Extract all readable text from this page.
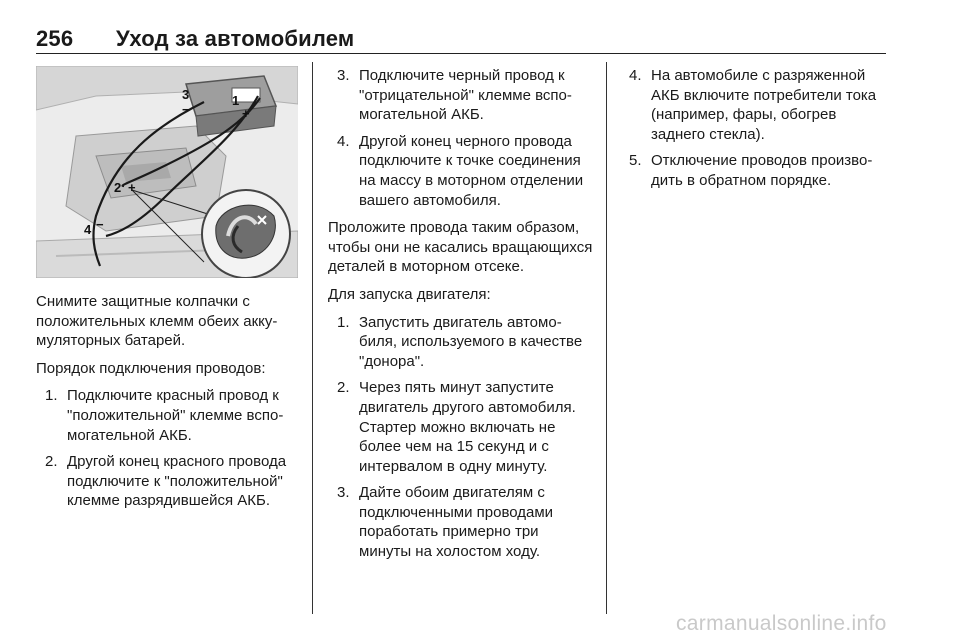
256 Уход за автомобилем
1
+
2 +
3
−
4 −

Снимите защитные колпачки с положительных клемм обеих аккумуляторных батарей.

Порядок подключения проводов:

1. Подключите красный провод к "положительной" клемме вспомогательной АКБ.
2. Другой конец красного провода подключите к "положительной" клемме разрядившейся АКБ.
3. Подключите черный провод к "отрицательной" клемме вспомогательной АКБ.
4. Другой конец черного провода подключите к точке соединения на массу в моторном отделении вашего автомобиля.

Проложите провода таким образом, чтобы они не касались вращающихся деталей в моторном отсеке.

Для запуска двигателя:

1. Запустить двигатель автомобиля, используемого в качестве "донора".
2. Через пять минут запустите двигатель другого автомобиля. Стартер можно включать не более чем на 15 секунд и с интервалом в одну минуту.
3. Дайте обоим двигателям с подключенными проводами поработать примерно три минуты на холостом ходу.
4. На автомобиле с разряженной АКБ включите потребители тока (например, фары, обогрев заднего стекла).
5. Отключение проводов производить в обратном порядке.
carmanualsonline.info
